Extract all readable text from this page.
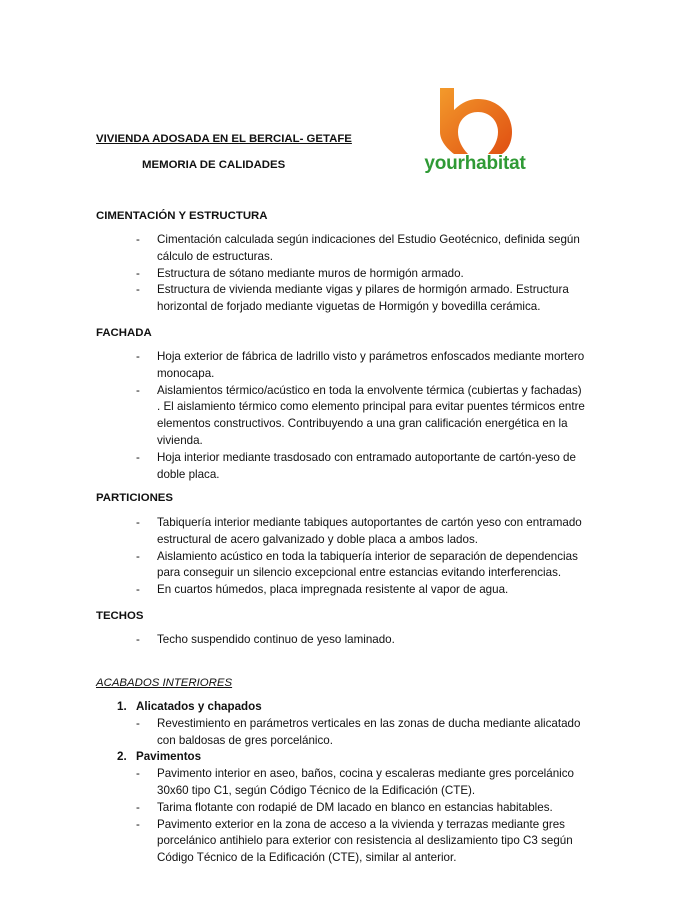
VIVIENDA ADOSADA EN EL BERCIAL- GETAFE
MEMORIA DE CALIDADES	yourhabitat
CIMENTACIÓN Y ESTRUCTURA
- Cimentación calculada según indicaciones del Estudio Geotécnico, definida según cálculo de estructuras.
- Estructura de sótano mediante muros de hormigón armado.
- Estructura de vivienda mediante vigas y pilares de hormigón armado. Estructura horizontal de forjado mediante viguetas de Hormigón y bovedilla cerámica.
FACHADA
- Hoja exterior de fábrica de ladrillo visto y parámetros enfoscados mediante mortero monocapa.
- Aislamientos térmico/acústico en toda la envolvente térmica (cubiertas y fachadas) . El aislamiento térmico como elemento principal para evitar puentes térmicos entre elementos constructivos. Contribuyendo a una gran calificación energética en la vivienda.
- Hoja interior mediante trasdosado con entramado autoportante de cartón-yeso de doble placa.
PARTICIONES
- Tabiquería interior mediante tabiques autoportantes de cartón yeso con entramado estructural de acero galvanizado y doble placa a ambos lados.
- Aislamiento acústico en toda la tabiquería interior de separación de dependencias para conseguir un silencio excepcional entre estancias evitando interferencias.
- En cuartos húmedos, placa impregnada resistente al vapor de agua.
TECHOS
- Techo suspendido continuo de yeso laminado.
ACABADOS INTERIORES
1. Alicatados y chapados
- Revestimiento en parámetros verticales en las zonas de ducha mediante alicatado con baldosas de gres porcelánico.
2. Pavimentos
- Pavimento interior en aseo, baños, cocina y escaleras mediante gres porcelánico 30x60 tipo C1, según Código Técnico de la Edificación (CTE).
- Tarima flotante con rodapié de DM lacado en blanco en estancias habitables.
- Pavimento exterior en la zona de acceso a la vivienda y terrazas mediante gres porcelánico antihielo para exterior con resistencia al deslizamiento tipo C3 según Código Técnico de la Edificación (CTE), similar al anterior.
